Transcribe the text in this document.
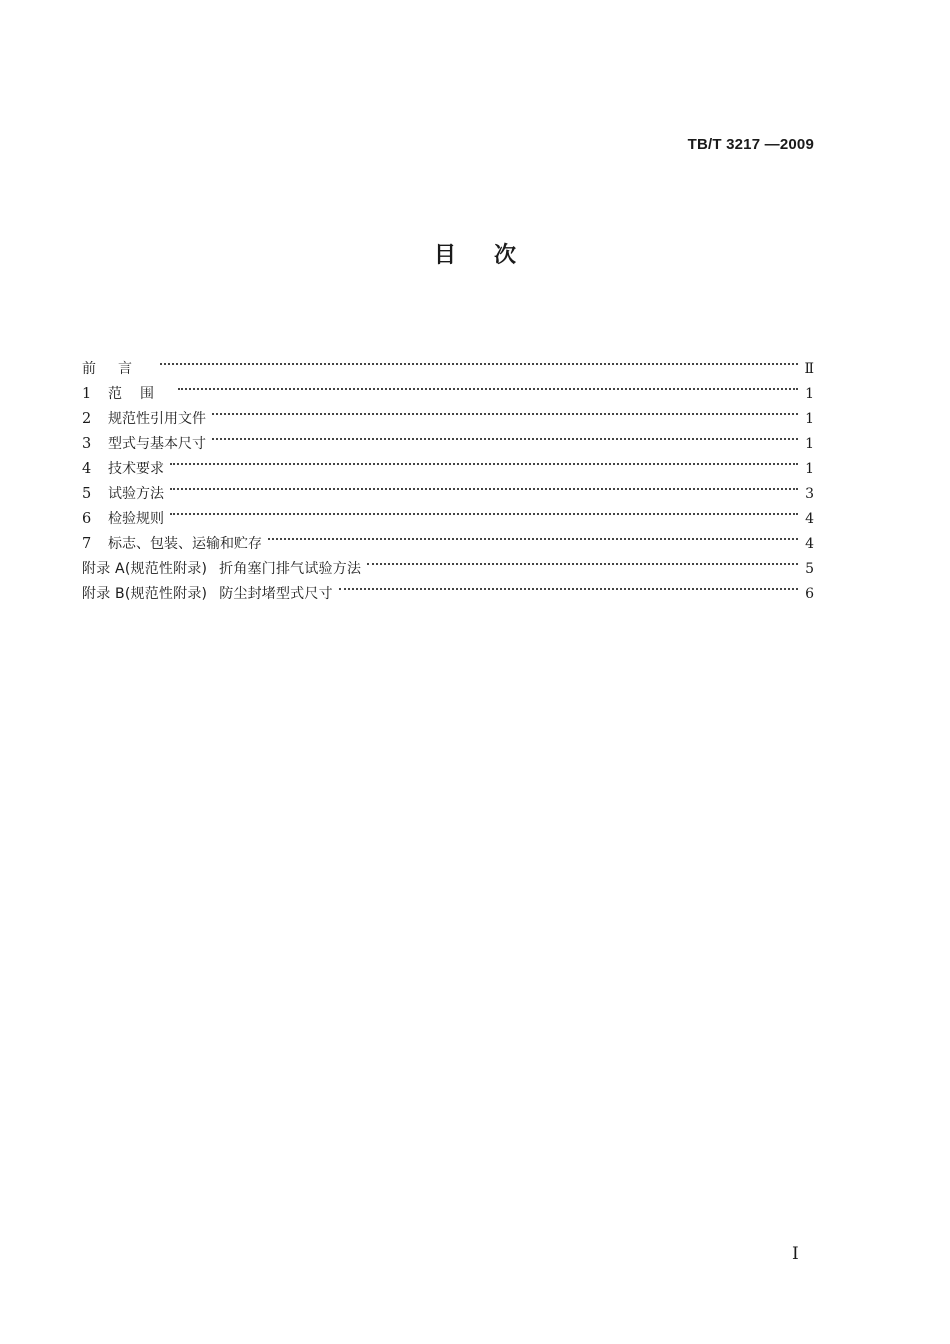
TB/T 3217 —2009
目次
前言	Ⅱ
1	范围	1
2	规范性引用文件	1
3	型式与基本尺寸	1
4	技术要求	1
5	试验方法	3
6	检验规则	4
7	标志、包装、运输和贮存	4
附录 A(规范性附录) 折角塞门排气试验方法	5
附录 B(规范性附录) 防尘封堵型式尺寸	6
I
